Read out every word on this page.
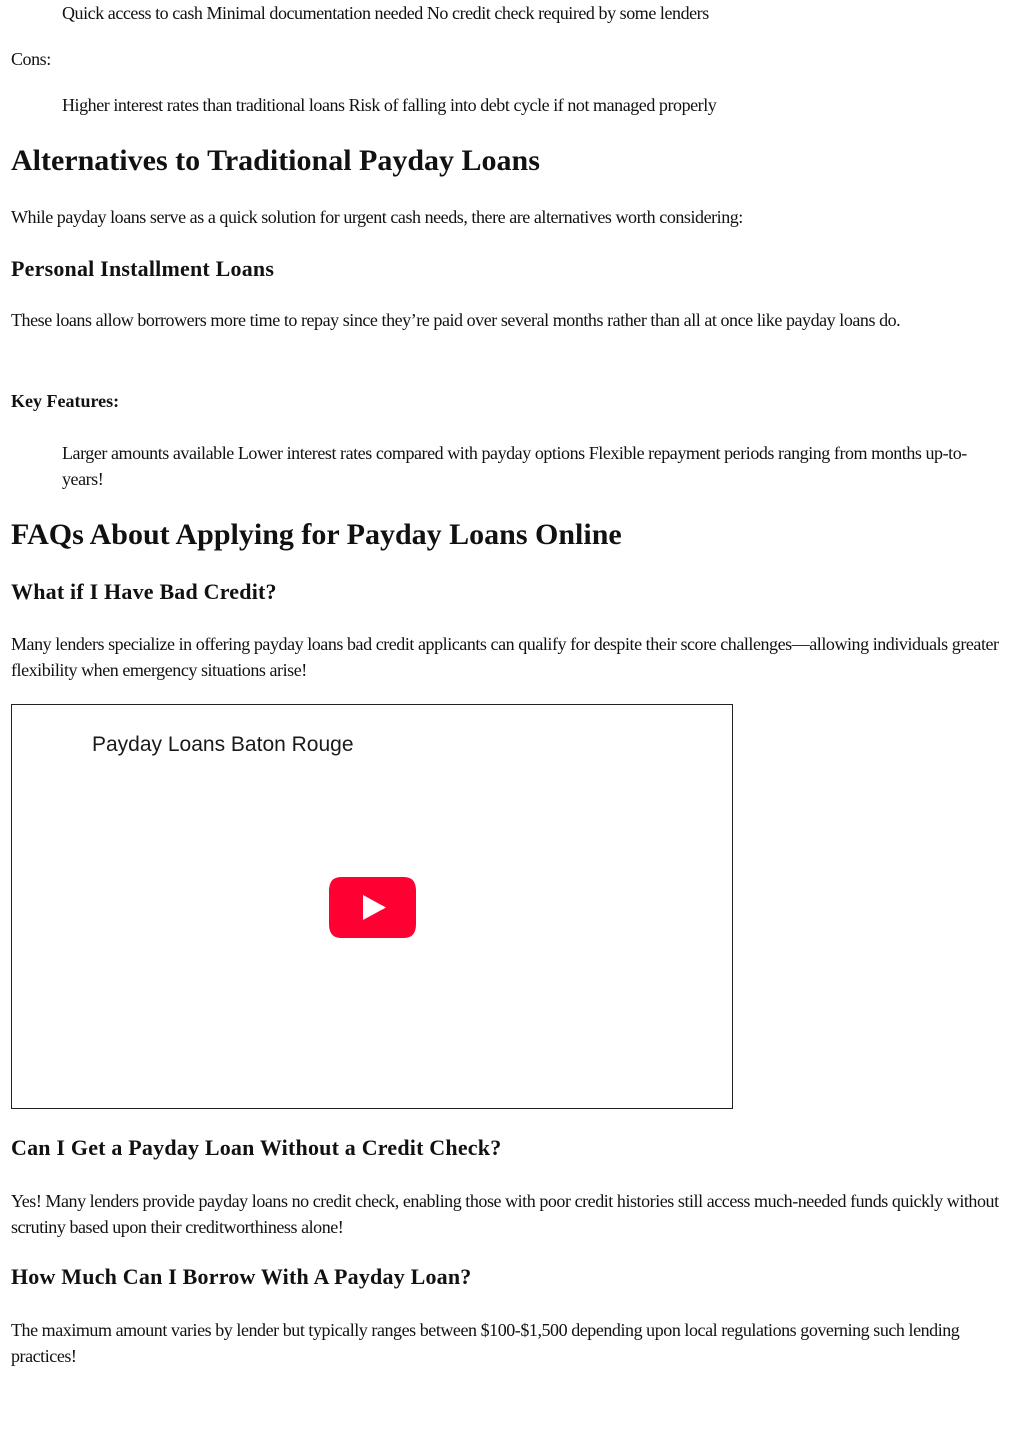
Quick access to cash Minimal documentation needed No credit check required by some lenders

Cons:

Higher interest rates than traditional loans Risk of falling into debt cycle if not managed properly

Alternatives to Traditional Payday Loans

While payday loans serve as a quick solution for urgent cash needs, there are alternatives worth considering:

Personal Installment Loans

These loans allow borrowers more time to repay since they’re paid over several months rather than all at once like payday loans do.

Key Features:

Larger amounts available Lower interest rates compared with payday options Flexible repayment periods ranging from months up-to-years!

FAQs About Applying for Payday Loans Online
What if I Have Bad Credit?

Many lenders specialize in offering payday loans bad credit applicants can qualify for despite their score challenges—allowing individuals greater flexibility when emergency situations arise!

Payday Loans Baton Rouge
Can I Get a Payday Loan Without a Credit Check?

Yes! Many lenders provide payday loans no credit check, enabling those with poor credit histories still access much-needed funds quickly without scrutiny based upon their creditworthiness alone!

How Much Can I Borrow With A Payday Loan?

The maximum amount varies by lender but typically ranges between $100-$1,500 depending upon local regulations governing such lending practices!
